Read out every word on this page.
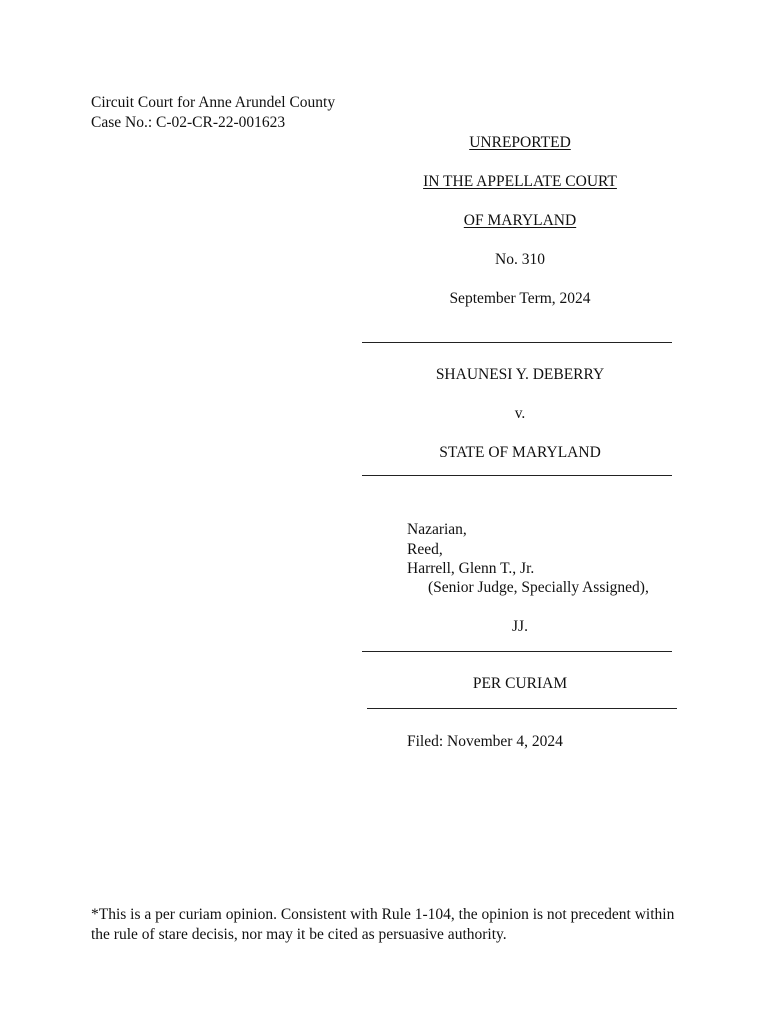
Circuit Court for Anne Arundel County
Case No.: C-02-CR-22-001623
UNREPORTED
IN THE APPELLATE COURT
OF MARYLAND
No. 310
September Term, 2024
SHAUNESI Y. DEBERRY
v.
STATE OF MARYLAND
Nazarian,
Reed,
Harrell, Glenn T., Jr.
(Senior Judge, Specially Assigned),
JJ.
PER CURIAM
Filed: November 4, 2024
*This is a per curiam opinion. Consistent with Rule 1-104, the opinion is not precedent within the rule of stare decisis, nor may it be cited as persuasive authority.
